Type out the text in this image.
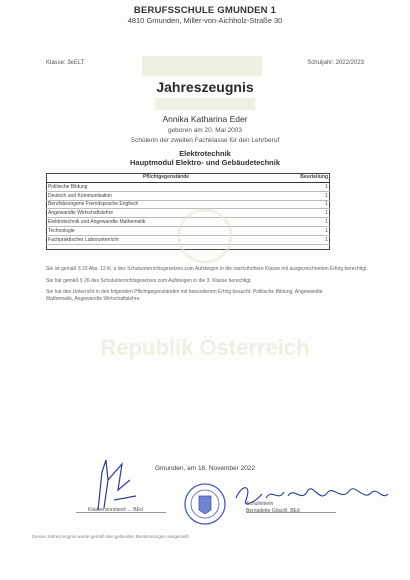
BERUFSSCHULE GMUNDEN 1
4810 Gmunden, Miller-von-Aichholz-Straße 30
Klasse: 3eELT	Schuljahr: 2022/2023
Jahreszeugnis
Annika Katharina Eder
geboren am 20. Mai 2003
Schülerin der zweiten Fachklasse für den Lehrberuf
Elektrotechnik
Hauptmodul Elektro- und Gebäudetechnik
Pflichtgegenstände	Beurteilung
Politische Bildung	1
Deutsch und Kommunikation	1
Berufsbezogene Fremdsprache Englisch	1
Angewandte Wirtschaftslehre	1
Elektrotechnik und Angewandte Mathematik	1
Technologie	1
Fachpraktischer Laborunterricht	1
Sie ist gemäß § 22 Abs. 12 lit. a des Schulunterrichtsgesetzes zum Aufsteigen in die nächsthöhere Klasse mit ausgezeichnetem Erfolg berechtigt.
Sie hat gemäß § 26 des Schulunterrichtsgesetzes zum Aufsteigen in die 3. Klasse berechtigt.
Sie hat den Unterricht in den folgenden Pflichtgegenständen mit besonderem Erfolg besucht: Politische Bildung, Angewandte
Mathematik, Angewandte Wirtschaftslehre.
Republik Österreich
Gmunden, am 18. November 2022
Klassenvorstand: ... BEd
Schulleiterin
Bernadette Göschl, BEd
Dieses Jahreszeugnis wurde gemäß den geltenden Bestimmungen ausgestellt.
